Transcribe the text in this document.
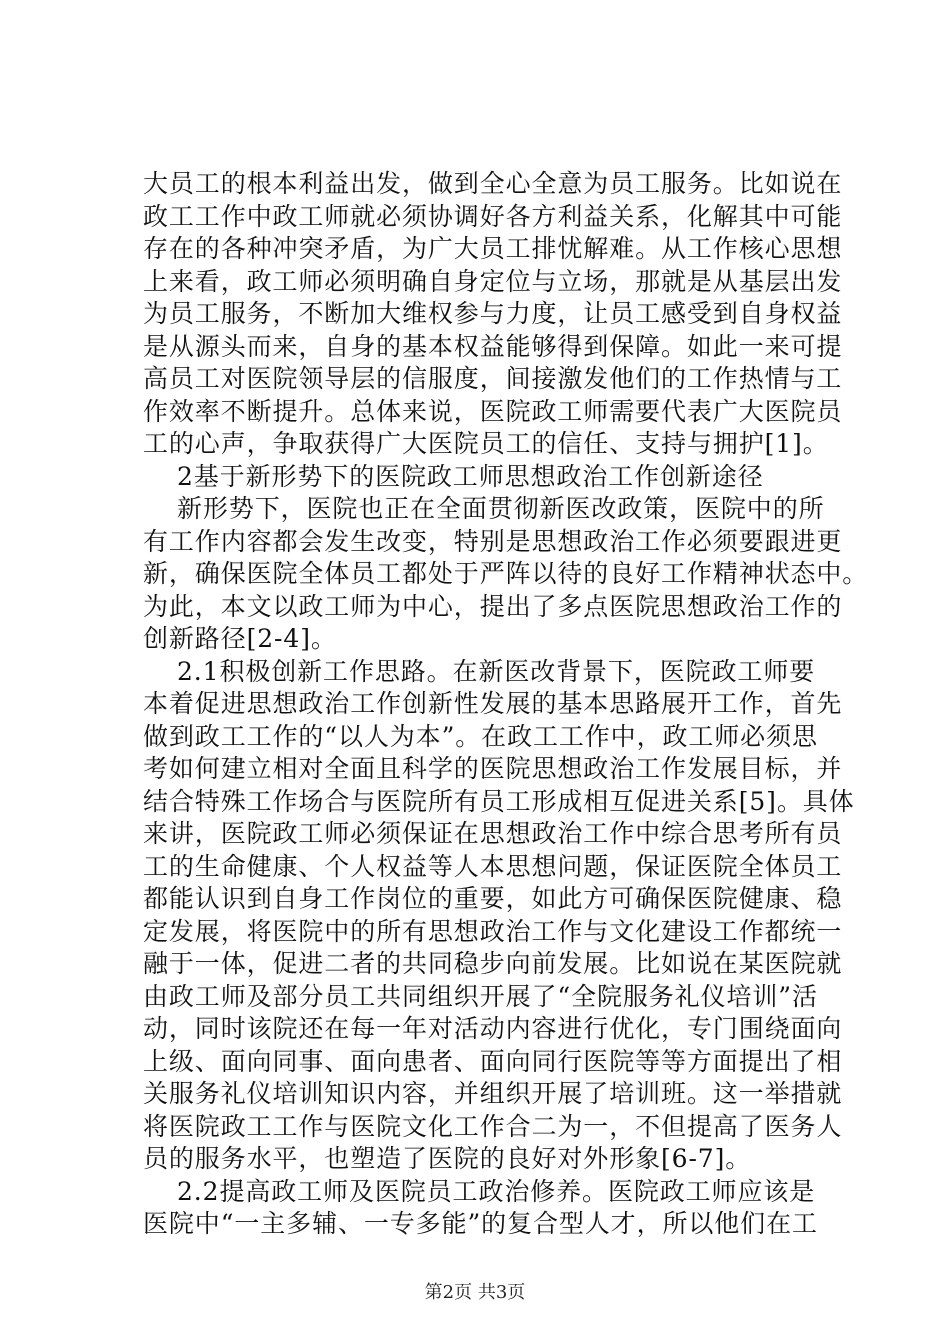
大员工的根本利益出发，做到全心全意为员工服务。比如说在
政工工作中政工师就必须协调好各方利益关系，化解其中可能
存在的各种冲突矛盾，为广大员工排忧解难。从工作核心思想
上来看，政工师必须明确自身定位与立场，那就是从基层出发
为员工服务，不断加大维权参与力度，让员工感受到自身权益
是从源头而来，自身的基本权益能够得到保障。如此一来可提
高员工对医院领导层的信服度，间接激发他们的工作热情与工
作效率不断提升。总体来说，医院政工师需要代表广大医院员
工的心声，争取获得广大医院员工的信任、支持与拥护[1]。
2基于新形势下的医院政工师思想政治工作创新途径
新形势下，医院也正在全面贯彻新医改政策，医院中的所
有工作内容都会发生改变，特别是思想政治工作必须要跟进更
新，确保医院全体员工都处于严阵以待的良好工作精神状态中。
为此，本文以政工师为中心，提出了多点医院思想政治工作的
创新路径[2-4]。
2.1积极创新工作思路。在新医改背景下，医院政工师要
本着促进思想政治工作创新性发展的基本思路展开工作，首先
做到政工工作的“以人为本”。在政工工作中，政工师必须思
考如何建立相对全面且科学的医院思想政治工作发展目标，并
结合特殊工作场合与医院所有员工形成相互促进关系[5]。具体
来讲，医院政工师必须保证在思想政治工作中综合思考所有员
工的生命健康、个人权益等人本思想问题，保证医院全体员工
都能认识到自身工作岗位的重要，如此方可确保医院健康、稳
定发展，将医院中的所有思想政治工作与文化建设工作都统一
融于一体，促进二者的共同稳步向前发展。比如说在某医院就
由政工师及部分员工共同组织开展了“全院服务礼仪培训”活
动，同时该院还在每一年对活动内容进行优化，专门围绕面向
上级、面向同事、面向患者、面向同行医院等等方面提出了相
关服务礼仪培训知识内容，并组织开展了培训班。这一举措就
将医院政工工作与医院文化工作合二为一，不但提高了医务人
员的服务水平，也塑造了医院的良好对外形象[6-7]。
2.2提高政工师及医院员工政治修养。医院政工师应该是
医院中“一主多辅、一专多能”的复合型人才，所以他们在工
第2页 共3页
